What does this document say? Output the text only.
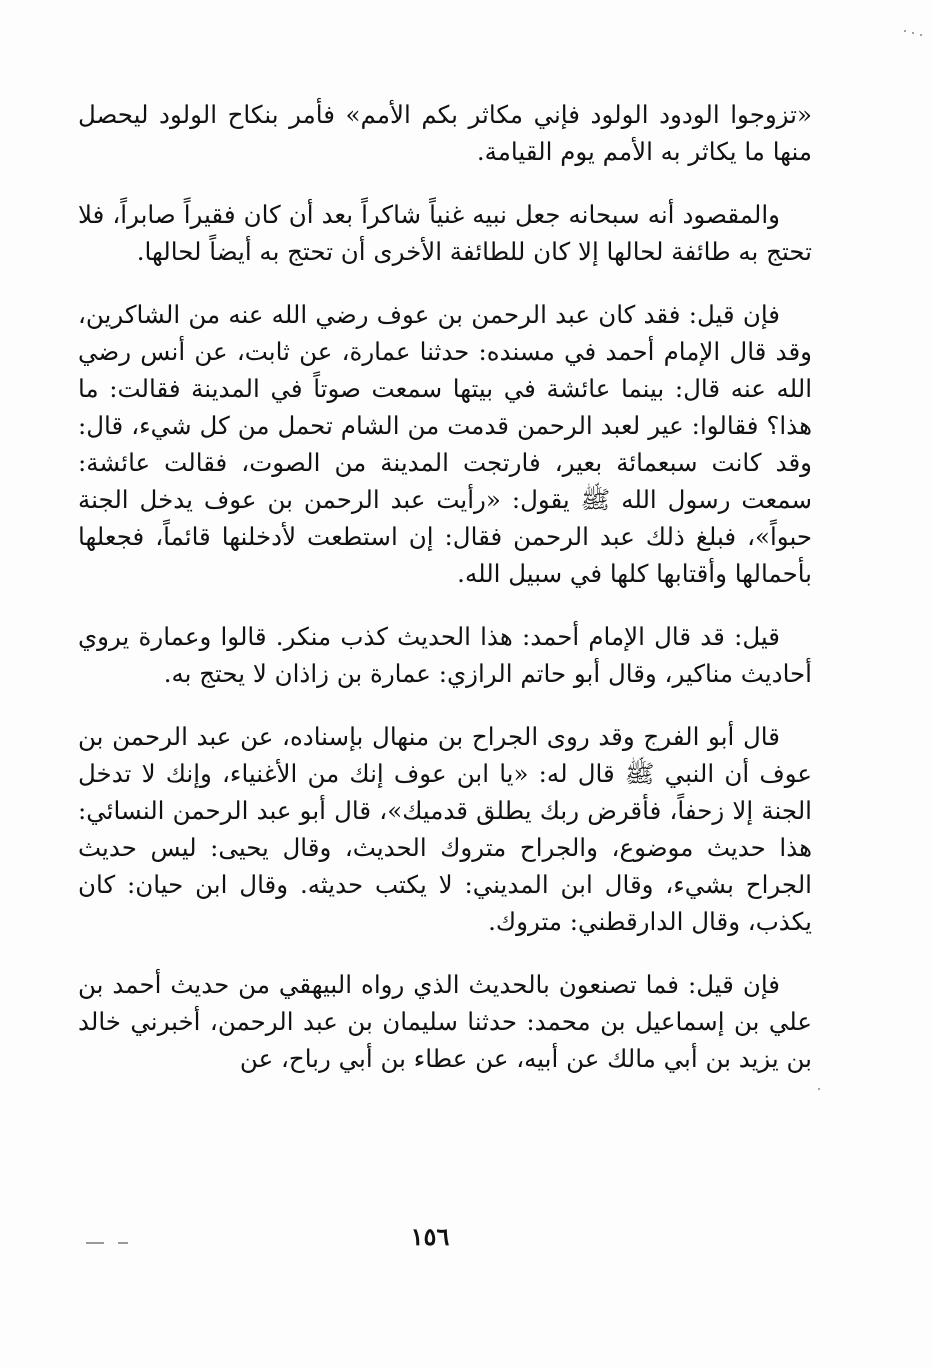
«تزوجوا الودود الولود فإني مكاثر بكم الأمم» فأمر بنكاح الولود ليحصل منها ما يكاثر به الأمم يوم القيامة.

والمقصود أنه سبحانه جعل نبيه غنياً شاكراً بعد أن كان فقيراً صابراً، فلا تحتج به طائفة لحالها إلا كان للطائفة الأخرى أن تحتج به أيضاً لحالها.

فإن قيل: فقد كان عبد الرحمن بن عوف رضي الله عنه من الشاكرين، وقد قال الإمام أحمد في مسنده: حدثنا عمارة، عن ثابت، عن أنس رضي الله عنه قال: بينما عائشة في بيتها سمعت صوتاً في المدينة فقالت: ما هذا؟ فقالوا: عير لعبد الرحمن قدمت من الشام تحمل من كل شيء، قال: وقد كانت سبعمائة بعير، فارتجت المدينة من الصوت، فقالت عائشة: سمعت رسول الله ﷺ يقول: «رأيت عبد الرحمن بن عوف يدخل الجنة حبواً»، فبلغ ذلك عبد الرحمن فقال: إن استطعت لأدخلنها قائماً، فجعلها بأحمالها وأقتابها كلها في سبيل الله.

قيل: قد قال الإمام أحمد: هذا الحديث كذب منكر. قالوا وعمارة يروي أحاديث مناكير، وقال أبو حاتم الرازي: عمارة بن زاذان لا يحتج به.

قال أبو الفرج وقد روى الجراح بن منهال بإسناده، عن عبد الرحمن بن عوف أن النبي ﷺ قال له: «يا ابن عوف إنك من الأغنياء، وإنك لا تدخل الجنة إلا زحفاً، فأقرض ربك يطلق قدميك»، قال أبو عبد الرحمن النسائي: هذا حديث موضوع، والجراح متروك الحديث، وقال يحيى: ليس حديث الجراح بشيء، وقال ابن المديني: لا يكتب حديثه. وقال ابن حيان: كان يكذب، وقال الدارقطني: متروك.

فإن قيل: فما تصنعون بالحديث الذي رواه البيهقي من حديث أحمد بن علي بن إسماعيل بن محمد: حدثنا سليمان بن عبد الرحمن، أخبرني خالد بن يزيد بن أبي مالك عن أبيه، عن عطاء بن أبي رباح، عن

١٥٦
